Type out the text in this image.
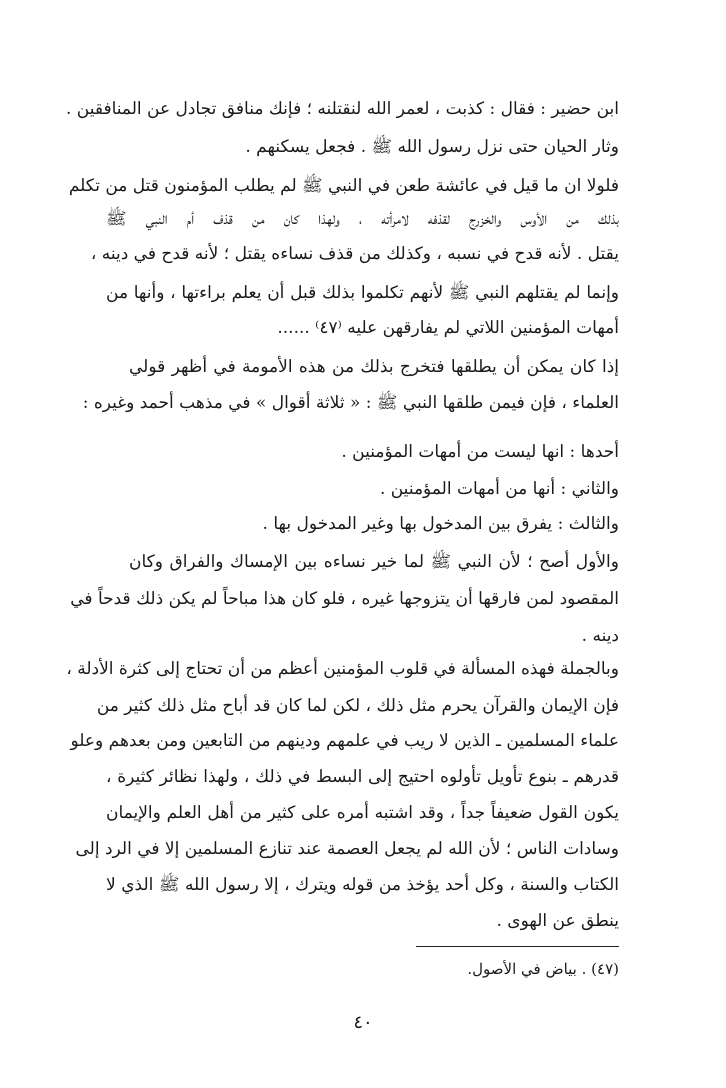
ابن حضير : فقال : كذبت ، لعمر الله لنقتلنه ؛ فإنك منافق تجادل عن المنافقين .
وثار الحيان حتى نزل رسول الله ﷺ . فجعل يسكنهم .
فلولا ان ما قيل في عائشة طعن في النبي ﷺ لم يطلب المؤمنون قتل من تكلم
بذلك من الأوس والخزرج لقذفه لامرأته ، ولهذا كان من قذف أم النبي ﷺ
يقتل . لأنه قدح في نسبه ، وكذلك من قذف نساءه يقتل ؛ لأنه قدح في دينه ،
وإنما لم يقتلهم النبي ﷺ لأنهم تكلموا بذلك قبل أن يعلم براءتها ، وأنها من
أمهات المؤمنين اللاتي لم يفارقهن عليه ⁽٤٧⁾ ......
إذا كان يمكن أن يطلقها فتخرج بذلك من هذه الأمومة في أظهر قولي
العلماء ، فإن فيمن طلقها النبي ﷺ : « ثلاثة أقوال » في مذهب أحمد وغيره :
أحدها : انها ليست من أمهات المؤمنين .
والثاني : أنها من أمهات المؤمنين .
والثالث : يفرق بين المدخول بها وغير المدخول بها .
والأول أصح ؛ لأن النبي ﷺ لما خير نساءه بين الإمساك والفراق وكان
المقصود لمن فارقها أن يتزوجها غيره ، فلو كان هذا مباحاً لم يكن ذلك قدحاً في
دينه .
وبالجملة فهذه المسألة في قلوب المؤمنين أعظم من أن تحتاج إلى كثرة الأدلة ،
فإن الإيمان والقرآن يحرم مثل ذلك ، لكن لما كان قد أباح مثل ذلك كثير من
علماء المسلمين ـ الذين لا ريب في علمهم ودينهم من التابعين ومن بعدهم وعلو
قدرهم ـ بنوع تأويل تأولوه احتيج إلى البسط في ذلك ، ولهذا نظائر كثيرة ،
يكون القول ضعيفاً جداً ، وقد اشتبه أمره على كثير من أهل العلم والإيمان
وسادات الناس ؛ لأن الله لم يجعل العصمة عند تنازع المسلمين إلا في الرد إلى
الكتاب والسنة ، وكل أحد يؤخذ من قوله ويترك ، إلا رسول الله ﷺ الذي لا
ينطق عن الهوى .
(٤٧) . بياض في الأصول.
٤٠
